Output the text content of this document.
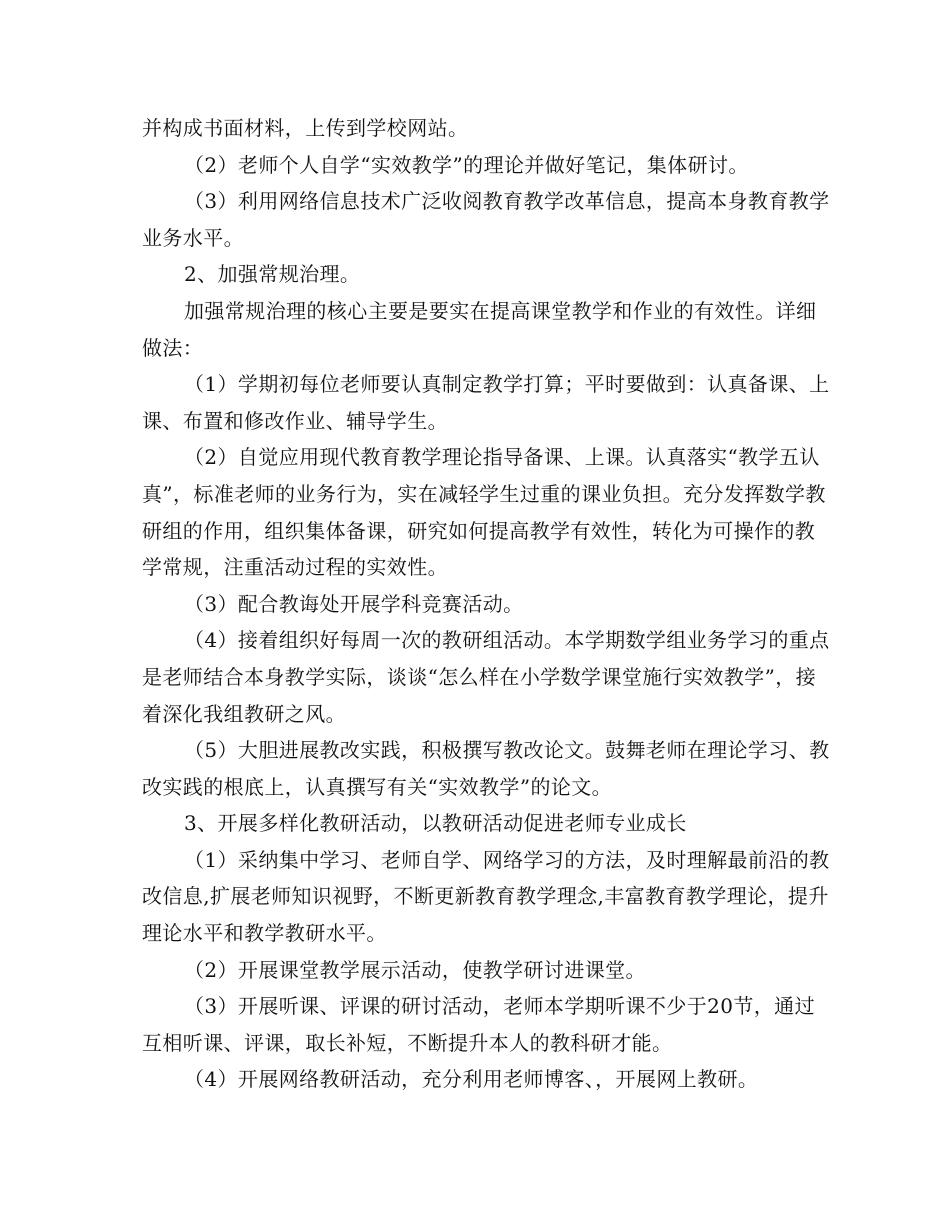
并构成书面材料，上传到学校网站。

（2）老师个人自学“实效教学”的理论并做好笔记，集体研讨。

（3）利用网络信息技术广泛收阅教育教学改革信息，提高本身教育教学业务水平。

2、加强常规治理。

加强常规治理的核心主要是要实在提高课堂教学和作业的有效性。详细做法：

（1）学期初每位老师要认真制定教学打算；平时要做到：认真备课、上课、布置和修改作业、辅导学生。

（2）自觉应用现代教育教学理论指导备课、上课。认真落实“教学五认真”，标准老师的业务行为，实在减轻学生过重的课业负担。充分发挥数学教研组的作用，组织集体备课，研究如何提高教学有效性，转化为可操作的教学常规，注重活动过程的实效性。

（3）配合教诲处开展学科竞赛活动。

（4）接着组织好每周一次的教研组活动。本学期数学组业务学习的重点是老师结合本身教学实际，谈谈“怎么样在小学数学课堂施行实效教学”，接着深化我组教研之风。

（5）大胆进展教改实践，积极撰写教改论文。鼓舞老师在理论学习、教改实践的根底上，认真撰写有关“实效教学”的论文。

3、开展多样化教研活动，以教研活动促进老师专业成长

（1）采纳集中学习、老师自学、网络学习的方法，及时理解最前沿的教改信息,扩展老师知识视野，不断更新教育教学理念,丰富教育教学理论，提升理论水平和教学教研水平。

（2）开展课堂教学展示活动，使教学研讨进课堂。

（3）开展听课、评课的研讨活动，老师本学期听课不少于20节，通过互相听课、评课，取长补短，不断提升本人的教科研才能。

（4）开展网络教研活动，充分利用老师博客、，开展网上教研。
